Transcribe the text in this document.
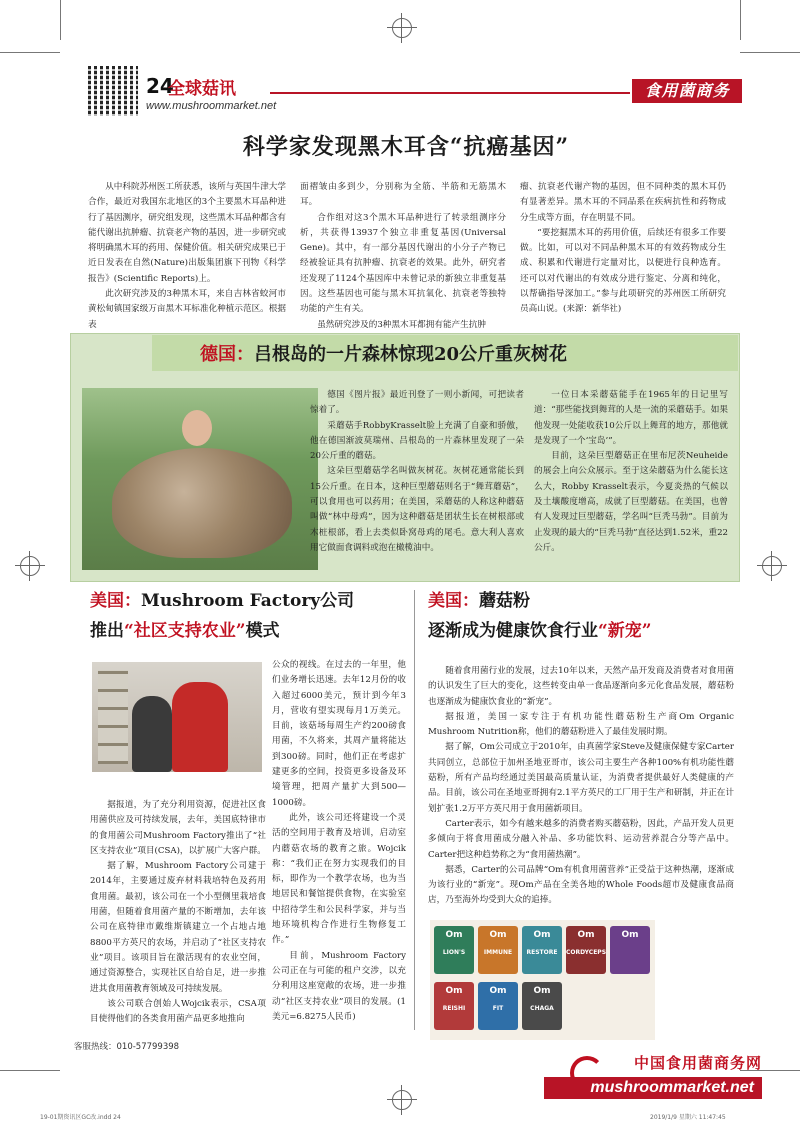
24
全球菇讯
www.mushroommarket.net
食用菌商务
科学家发现黑木耳含“抗癌基因”

从中科院苏州医工所获悉，该所与英国牛津大学合作，最近对我国东北地区的3个主要黑木耳品种进行了基因测序，研究组发现，这些黑木耳品种都含有能代谢出抗肿瘤、抗衰老产物的基因，进一步研究或将明确黑木耳的药用、保健价值。相关研究成果已于近日发表在自然(Nature)出版集团旗下刊物《科学报告》(Scientific Reports)上。

此次研究涉及的3种黑木耳，来自吉林省蛟河市黄松甸镇国家级万亩黑木耳标准化种植示范区。根据表

面褶皱由多到少，分别称为全筋、半筋和无筋黑木耳。

合作组对这3个黑木耳品种进行了转录组测序分析，共获得13937个独立非重复基因(Universal Gene)。其中，有一部分基因代谢出的小分子产物已经被验证具有抗肿瘤、抗衰老的效果。此外，研究者还发现了1124个基因库中未曾记录的新独立非重复基因。这些基因也可能与黑木耳抗氧化、抗衰老等独特功能的产生有关。

虽然研究涉及的3种黑木耳都拥有能产生抗肿

瘤、抗衰老代谢产物的基因，但不同种类的黑木耳仍有显著差异。黑木耳的不同品系在疾病抗性和药物成分生成等方面，存在明显不同。

“要挖掘黑木耳的药用价值，后续还有很多工作要做。比如，可以对不同品种黑木耳的有效药物成分生成、积累和代谢进行定量对比，以便进行良种选育。还可以对代谢出的有效成分进行鉴定、分离和纯化，以帮确指导深加工。”参与此项研究的苏州医工所研究员高山说。(来源：新华社)

德国：吕根岛的一片森林惊现20公斤重灰树花

德国《图片报》最近刊登了一则小新闻，可把读者惊着了。

采蘑菇手RobbyKrasselt脸上充满了自豪和骄傲，他在德国渐波莫瑞州、吕根岛的一片森林里发现了一朵20公斤重的蘑菇。

这朵巨型蘑菇学名叫做灰树花。灰树花通常能长到15公斤重。在日本，这种巨型蘑菇则名于“舞茸蘑菇”，可以食用也可以药用；在美国，采蘑菇的人称这种蘑菇叫做“林中母鸡”，因为这种蘑菇是团状生长在树根部或木桩根部，看上去类似卧窝母鸡的尾毛。意大利人喜欢用它做面食调料或泡在橄榄油中。

一位日本采蘑菇能手在1965年的日记里写道：“那些能找到舞茸的人是一流的采蘑菇手。如果他发现一处能收获10公斤以上舞茸的地方，那他就是发现了一个‘宝岛’”。

目前，这朵巨型蘑菇正在里布尼茨Neuheide的展会上向公众展示。至于这朵蘑菇为什么能长这么大，Robby Krasselt表示，今夏炎热的气候以及土壤酸度增高，成就了巨型蘑菇。在美国，也曾有人发现过巨型蘑菇，学名叫“巨秃马勃”。目前为止发现的最大的“巨秃马勃”直径达到1.52米，重22公斤。

美国：Mushroom Factory公司
推出“社区支持农业”模式

公众的视线。在过去的一年里，他们业务增长迅速。去年12月份的收入超过6000美元，预计到今年3月，营收有望实现每月1万美元。目前，该菇场每周生产约200磅食用菌，不久将来，其周产量将能达到300磅。同时，他们正在考虑扩建更多的空间，投资更多设备及环境管理，把周产量扩大到500—1000磅。

此外，该公司还将建设一个灵活的空间用于教育及培训，启动室内蘑菇农场的教育之旅。Wojcik称：“我们正在努力实现我们的目标，即作为一个教学农场，也为当地居民和餐馆提供食物，在实验室中招待学生和公民科学家，并与当地环境机构合作进行生物修复工作。”

目前，Mushroom Factory公司正在与可能的租户交涉，以充分利用这座宽敞的农场，进一步推动“社区支持农业”项目的发展。(1美元=6.8275人民币)

据报道，为了充分利用资源，促进社区食用菌供应及可持续发展，去年，美国底特律市的食用菌公司Mushroom Factory推出了“社区支持农业”项目(CSA)，以扩展广大客户群。

据了解，Mushroom Factory公司建于2014年，主要通过废弃材料栽培特色及药用食用菌。最初，该公司在一个小型侧里栽培食用菌，但随着食用菌产量的不断增加，去年该公司在底特律市戴维斯镇建立一个占地占地8800平方英尺的农场，并启动了“社区支持农业”项目。该项目旨在激活现有的农业空间，通过资源整合，实现社区自给自足，进一步推进其食用菌教育领域及可持续发展。

该公司联合创始人Wojcik表示，CSA项目使得他们的各类食用菌产品更多地推向

美国：蘑菇粉
逐渐成为健康饮食行业“新宠”

随着食用菌行业的发展，过去10年以来，天然产品开发商及消费者对食用菌的认识发生了巨大的变化，这些转变由单一食品逐渐向多元化食品发展，蘑菇粉也逐渐成为健康饮食业的“新宠”。

据报道，美国一家专注于有机功能性蘑菇粉生产商Om Organic Mushroom Nutrition称，他们的蘑菇粉进入了最佳发展时期。

据了解，Om公司成立于2010年，由真菌学家Steve及健康保健专家Carter共同创立，总部位于加州圣地亚哥市，该公司主要生产各种100%有机功能性蘑菇粉，所有产品均经通过美国最高质量认证，为消费者提供最好人类健康的产品。目前，该公司在圣地亚哥拥有2.1平方英尺的工厂用于生产和研制，并正在计划扩张1.2万平方英尺用于食用菌新项目。

Carter表示，如今有越来越多的消费者购买蘑菇粉，因此，产品开发人员更多倾向于将食用菌成分融入补品、多功能饮料、运动营养混合分等产品中。Carter把这种趋势称之为“食用菌热潮”。

据悉，Carter的公司品牌“Om有机食用菌营养”正受益于这种热潮，逐渐成为该行业的“新宠”。现Om产品在全美各地的Whole Foods超市及健康食品商店，乃至海外均受到大众的追捧。

Om
LION'S
Om
IMMUNE
Om
RESTORE
Om
CORDYCEPS
Om
Om
REISHI
Om
FIT
Om
CHAGA
客服热线：010-57799398
中国食用菌商务网
mushroommarket.net
19-01期资讯区GC改.indd 24	2019/1/9 星期六 11:47:45
